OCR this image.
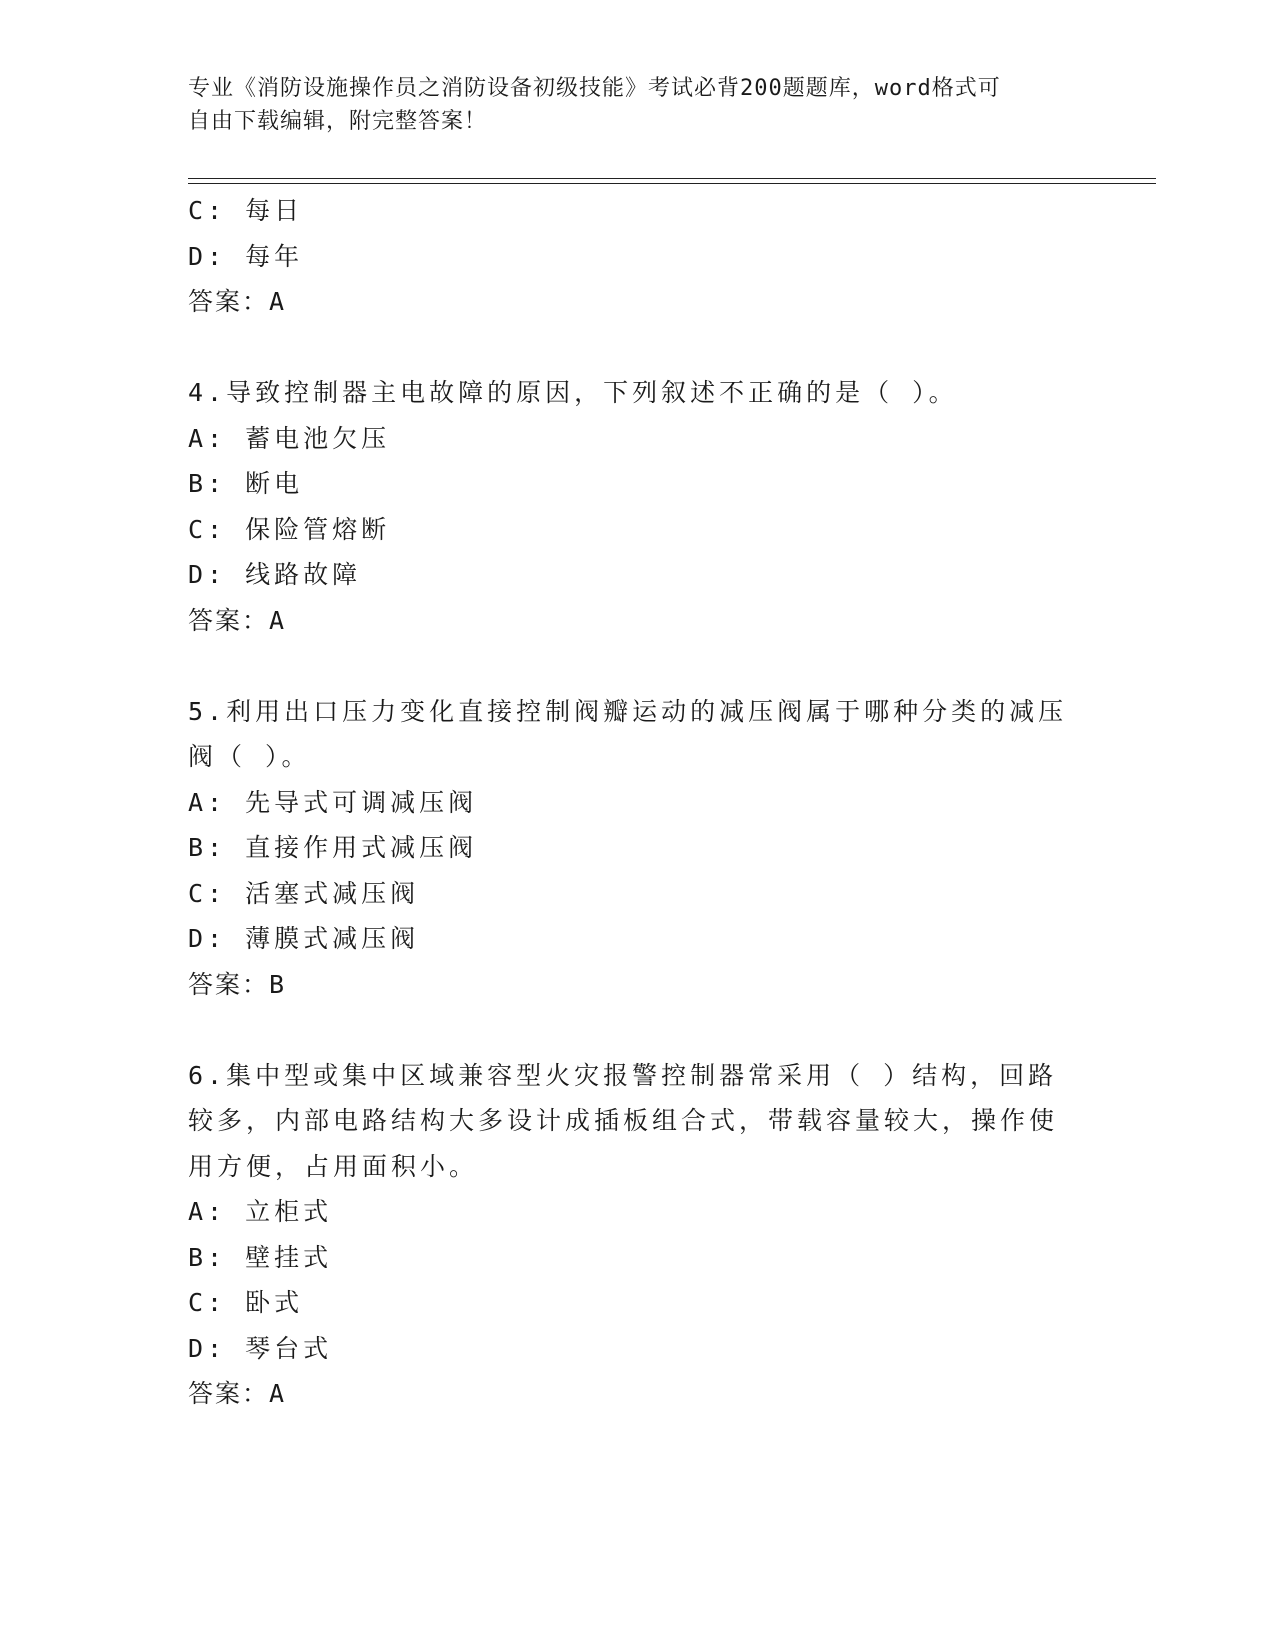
专业《消防设施操作员之消防设备初级技能》考试必背200题题库，word格式可
自由下载编辑，附完整答案！
C: 每日
D: 每年
答案：A
4.导致控制器主电故障的原因，下列叙述不正确的是（ ）。
A: 蓄电池欠压
B: 断电
C: 保险管熔断
D: 线路故障
答案：A
5.利用出口压力变化直接控制阀瓣运动的减压阀属于哪种分类的减压
阀（ ）。
A: 先导式可调减压阀
B: 直接作用式减压阀
C: 活塞式减压阀
D: 薄膜式减压阀
答案：B
6.集中型或集中区域兼容型火灾报警控制器常采用（ ）结构，回路
较多，内部电路结构大多设计成插板组合式，带载容量较大，操作使
用方便，占用面积小。
A: 立柜式
B: 壁挂式
C: 卧式
D: 琴台式
答案：A
